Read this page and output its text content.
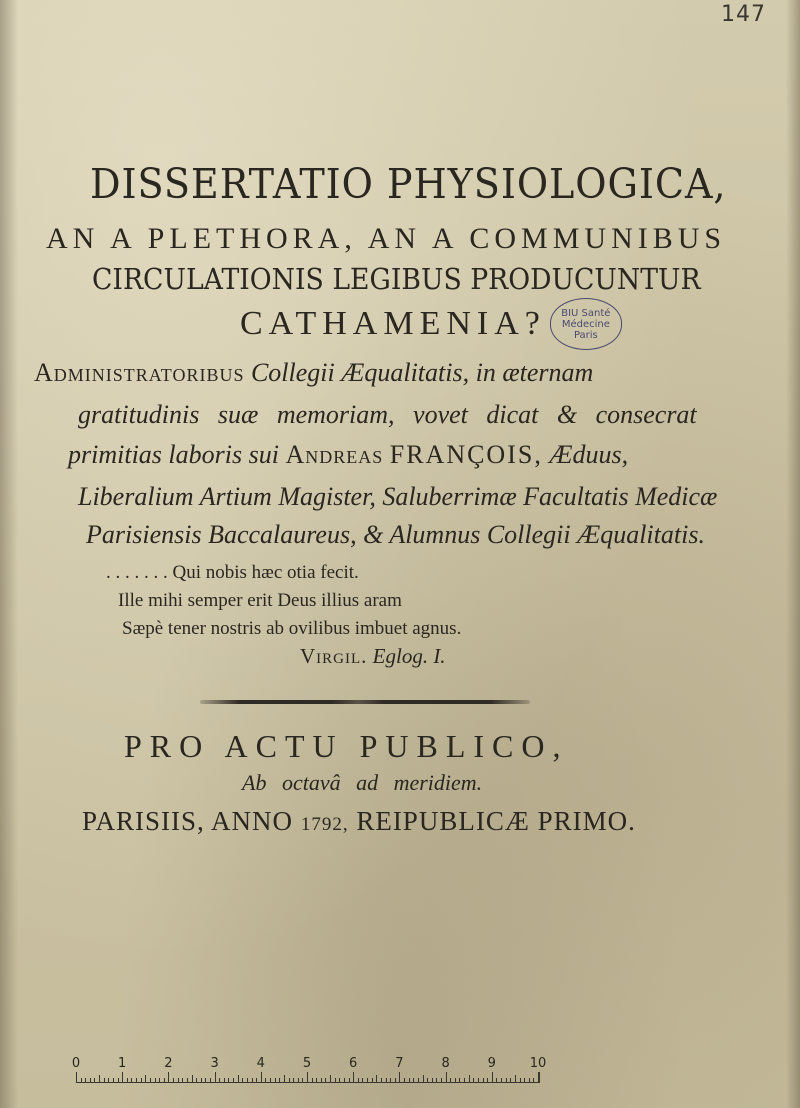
147
DISSERTATIO PHYSIOLOGICA,
AN A PLETHORA, AN A COMMUNIBUS
CIRCULATIONIS LEGIBUS PRODUCUNTUR
CATHAMENIA? BIU Santé
Médecine
Paris
Administratoribus Collegii Æqualitatis, in æternam
gratitudinis suæ memoriam, vovet dicat & consecrat
primitias laboris sui Andreas FRANÇOIS, Æduus,
Liberalium Artium Magister, Saluberrimæ Facultatis Medicæ
Parisiensis Baccalaureus, & Alumnus Collegii Æqualitatis.
. . . . . . . Qui nobis hæc otia fecit.
Ille mihi semper erit Deus illius aram
Sæpè tener nostris ab ovilibus imbuet agnus.
Virgil. Eglog. I.
PRO ACTU PUBLICO,
Ab octavâ ad meridiem.
PARISIIS, ANNO 1792, REIPUBLICÆ PRIMO.
0	1	2	3	4	5	6	7	8	9	10
